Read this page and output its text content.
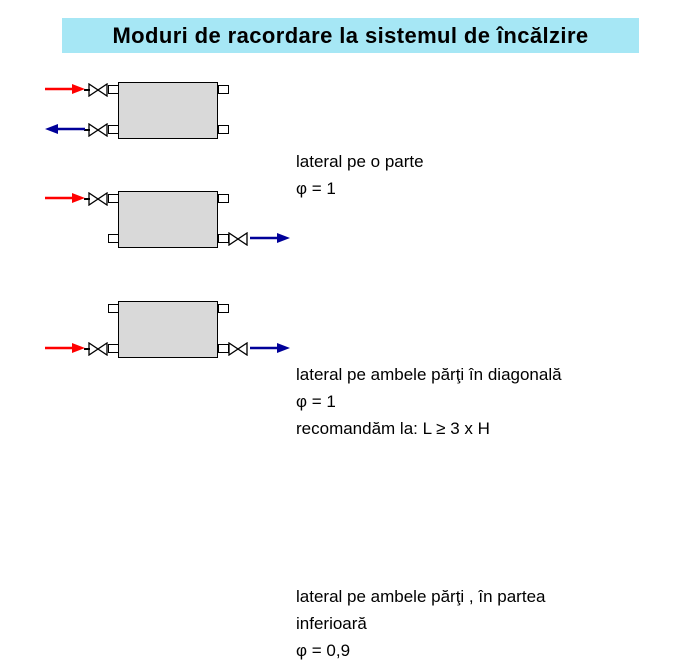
Moduri de racordare la sistemul de încălzire
lateral pe o parte
φ = 1
lateral pe ambele părţi în diagonală
φ = 1
recomandăm la: L ≥ 3 x H
lateral pe ambele părţi , în partea
inferioară
φ = 0,9
